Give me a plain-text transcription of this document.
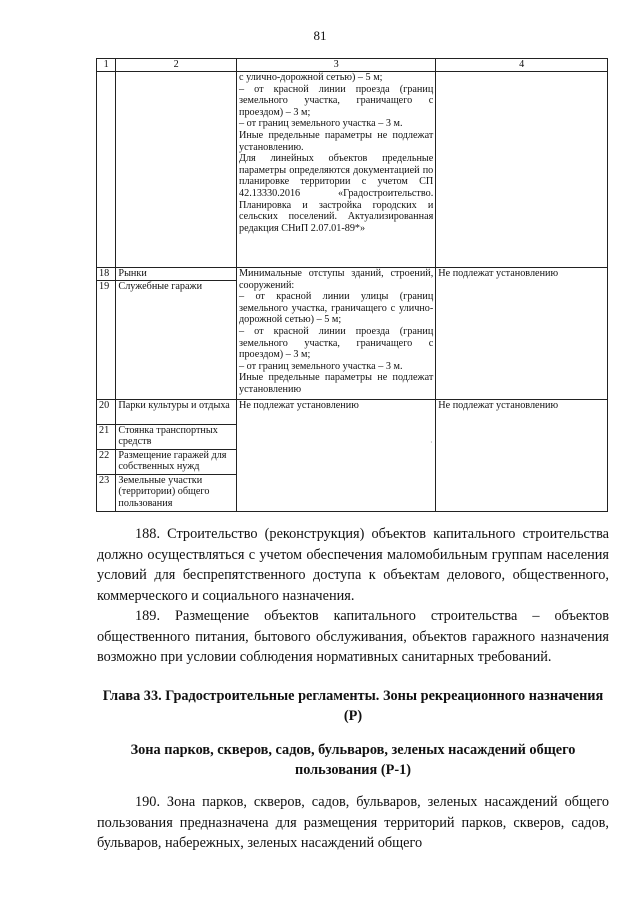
81
1	2	3	4
		с улично-дорожной сетью) – 5 м;
– от красной линии проезда (границ земельного участка, граничащего с проездом) – 3 м;
– от границ земельного участка – 3 м.
Иные предельные параметры не подлежат установлению.
Для линейных объектов предельные параметры определяются документацией по планировке территории с учетом СП 42.13330.2016 «Градостроительство. Планировка и застройка городских и сельских поселений. Актуализированная редакция СНиП 2.07.01-89*»	
18	Рынки	Минимальные отступы зданий, строений, сооружений:
– от красной линии улицы (границ земельного участка, граничащего с улично-дорожной сетью) – 5 м;
– от красной линии проезда (границ земельного участка, граничащего с проездом) – 3 м;
– от границ земельного участка – 3 м.
Иные предельные параметры не подлежат установлению	Не подлежат установлению
19	Служебные гаражи		
20	Парки культуры и отдыха	Не подлежат установлению	Не подлежат установлению
21	Стоянка транспортных средств		
22	Размещение гаражей для собственных нужд		
23	Земельные участки (территории) общего пользования		
·
188. Строительство (реконструкция) объектов капитального строительства должно осуществляться с учетом обеспечения маломобильным группам населения условий для беспрепятственного доступа к объектам делового, общественного, коммерческого и социального назначения.
189. Размещение объектов капитального строительства – объектов общественного питания, бытового обслуживания, объектов гаражного назначения возможно при условии соблюдения нормативных санитарных требований.
Глава 33. Градостроительные регламенты. Зоны рекреационного назначения (Р)
Зона парков, скверов, садов, бульваров, зеленых насаждений общего пользования (Р-1)
190. Зона парков, скверов, садов, бульваров, зеленых насаждений общего пользования предназначена для размещения территорий парков, скверов, садов, бульваров, набережных, зеленых насаждений общего
